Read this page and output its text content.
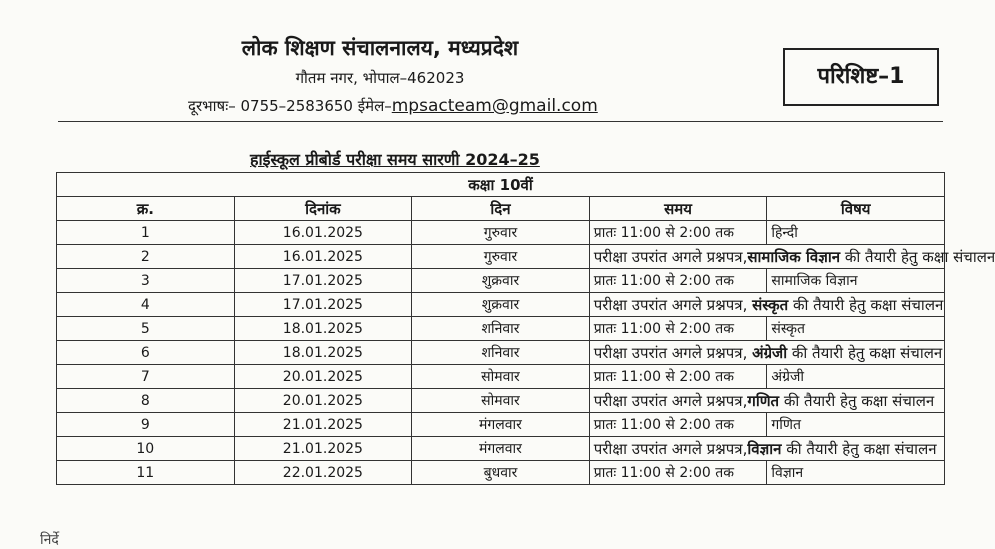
लोक शिक्षण संचालनालय, मध्यप्रदेश
गौतम नगर, भोपाल–462023
दूरभाषः– 0755–2583650 ईमेल–mpsacteam@gmail.com
परिशिष्ट–1
हाईस्कूल प्रीबोर्ड परीक्षा समय सारणी 2024–25
कक्षा 10वीं				
क्र.	दिनांक	दिन	समय	विषय
1	16.01.2025	गुरुवार	प्रातः 11:00 से 2:00 तक	हिन्दी
2	16.01.2025	गुरुवार	परीक्षा उपरांत अगले प्रश्नपत्र,सामाजिक विज्ञान की तैयारी हेतु कक्षा संचालन	
3	17.01.2025	शुक्रवार	प्रातः 11:00 से 2:00 तक	सामाजिक विज्ञान
4	17.01.2025	शुक्रवार	परीक्षा उपरांत अगले प्रश्नपत्र, संस्कृत की तैयारी हेतु कक्षा संचालन	
5	18.01.2025	शनिवार	प्रातः 11:00 से 2:00 तक	संस्कृत
6	18.01.2025	शनिवार	परीक्षा उपरांत अगले प्रश्नपत्र, अंग्रेजी की तैयारी हेतु कक्षा संचालन	
7	20.01.2025	सोमवार	प्रातः 11:00 से 2:00 तक	अंग्रेजी
8	20.01.2025	सोमवार	परीक्षा उपरांत अगले प्रश्नपत्र,गणित की तैयारी हेतु कक्षा संचालन	
9	21.01.2025	मंगलवार	प्रातः 11:00 से 2:00 तक	गणित
10	21.01.2025	मंगलवार	परीक्षा उपरांत अगले प्रश्नपत्र,विज्ञान की तैयारी हेतु कक्षा संचालन	
11	22.01.2025	बुधवार	प्रातः 11:00 से 2:00 तक	विज्ञान
निर्दे
